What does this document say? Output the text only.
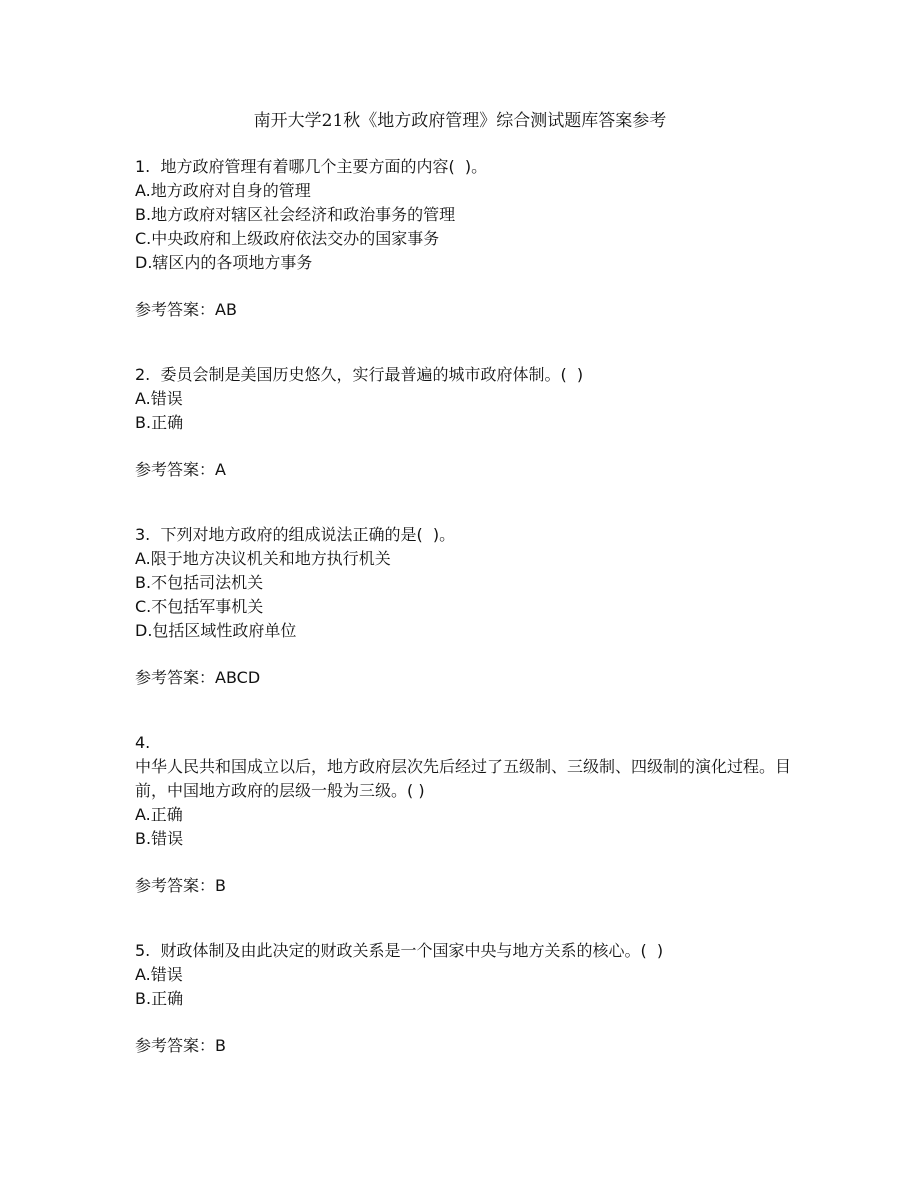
南开大学21秋《地方政府管理》综合测试题库答案参考
1. 地方政府管理有着哪几个主要方面的内容(  )。
A.地方政府对自身的管理
B.地方政府对辖区社会经济和政治事务的管理
C.中央政府和上级政府依法交办的国家事务
D.辖区内的各项地方事务
参考答案：AB
2. 委员会制是美国历史悠久，实行最普遍的城市政府体制。(  )
A.错误
B.正确
参考答案：A
3. 下列对地方政府的组成说法正确的是(  )。
A.限于地方决议机关和地方执行机关
B.不包括司法机关
C.不包括军事机关
D.包括区域性政府单位
参考答案：ABCD
4.
中华人民共和国成立以后，地方政府层次先后经过了五级制、三级制、四级制的演化过程。目前，中国地方政府的层级一般为三级。( )
A.正确
B.错误
参考答案：B
5. 财政体制及由此决定的财政关系是一个国家中央与地方关系的核心。(  )
A.错误
B.正确
参考答案：B
